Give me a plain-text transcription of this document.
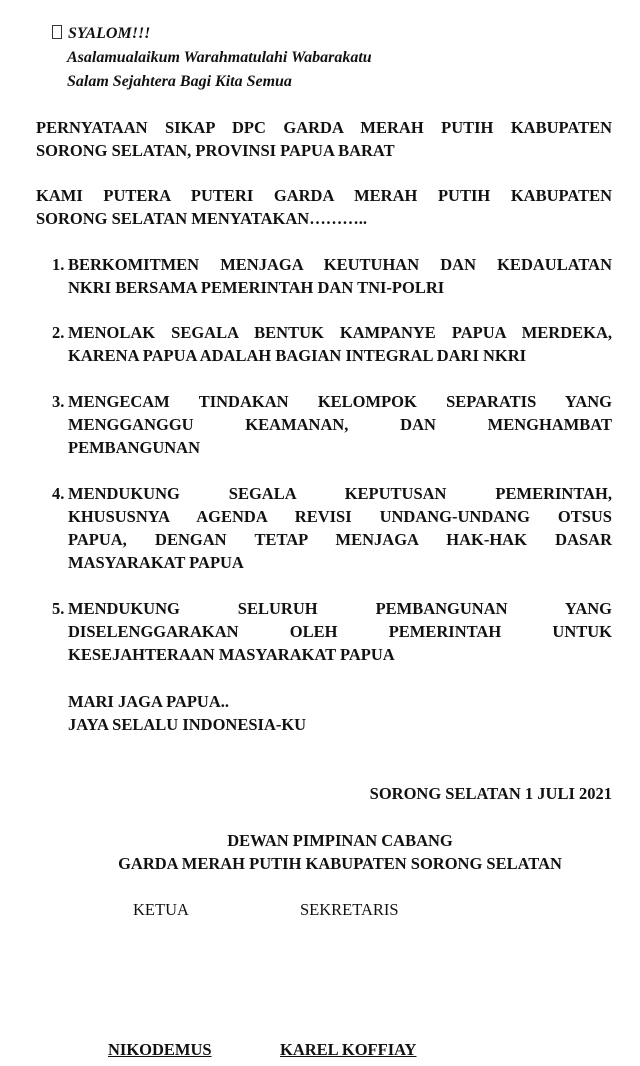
SYALOM!!!
Asalamualaikum Warahmatulahi Wabarakatu
Salam Sejahtera Bagi Kita Semua
PERNYATAAN SIKAP DPC GARDA MERAH PUTIH KABUPATEN
SORONG SELATAN, PROVINSI PAPUA BARAT
KAMI PUTERA PUTERI GARDA MERAH PUTIH KABUPATEN
SORONG SELATAN MENYATAKAN………..
1. BERKOMITMEN MENJAGA KEUTUHAN DAN KEDAULATAN
NKRI BERSAMA PEMERINTAH DAN TNI-POLRI
2. MENOLAK SEGALA BENTUK KAMPANYE PAPUA MERDEKA,
KARENA PAPUA ADALAH BAGIAN INTEGRAL DARI NKRI
3. MENGECAM TINDAKAN KELOMPOK SEPARATIS YANG
MENGGANGGU KEAMANAN, DAN MENGHAMBAT
PEMBANGUNAN
4. MENDUKUNG SEGALA KEPUTUSAN PEMERINTAH,
KHUSUSNYA AGENDA REVISI UNDANG-UNDANG OTSUS
PAPUA, DENGAN TETAP MENJAGA HAK-HAK DASAR
MASYARAKAT PAPUA
5. MENDUKUNG SELURUH PEMBANGUNAN YANG
DISELENGGARAKAN OLEH PEMERINTAH UNTUK
KESEJAHTERAAN MASYARAKAT PAPUA
MARI JAGA PAPUA..
JAYA SELALU INDONESIA-KU
SORONG SELATAN 1 JULI 2021
DEWAN PIMPINAN CABANG
GARDA MERAH PUTIH KABUPATEN SORONG SELATAN
KETUA	SEKRETARIS
NIKODEMUS	KAREL KOFFIAY
